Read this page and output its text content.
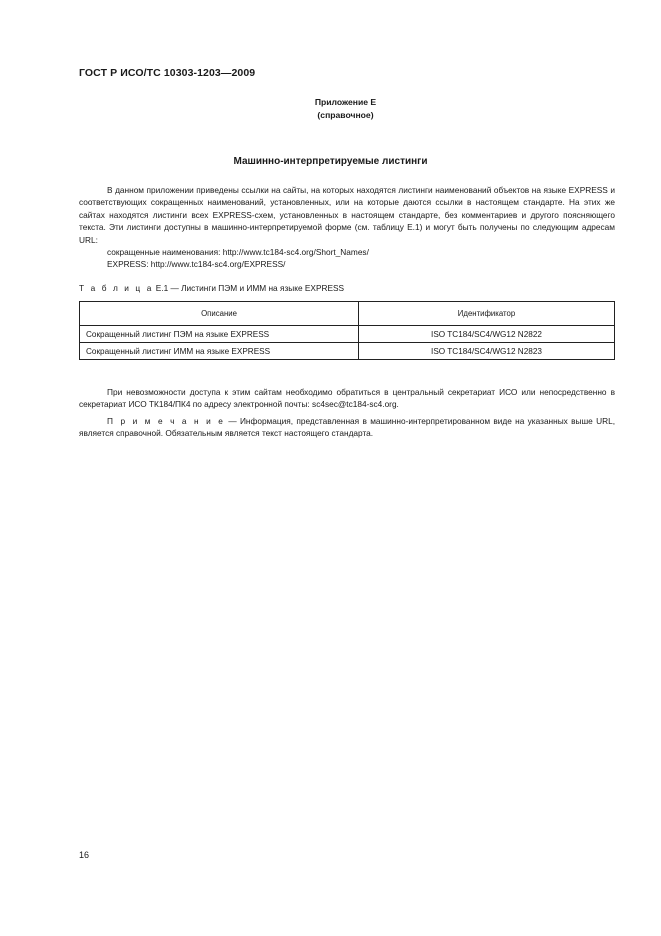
ГОСТ Р ИСО/ТС 10303-1203—2009
Приложение Е
(справочное)
Машинно-интерпретируемые листинги

В данном приложении приведены ссылки на сайты, на которых находятся листинги наименований объектов на языке EXPRESS и соответствующих сокращенных наименований, установленных, или на которые даются ссылки в настоящем стандарте. На этих же сайтах находятся листинги всех EXPRESS-схем, установленных в настоящем стандарте, без комментариев и другого поясняющего текста. Эти листинги доступны в машинно-интерпретируемой форме (см. таблицу Е.1) и могут быть получены по следующим адресам URL:

сокращенные наименования: http://www.tc184-sc4.org/Short_Names/
EXPRESS: http://www.tc184-sc4.org/EXPRESS/
Т а б л и ц а Е.1 — Листинги ПЭМ и ИММ на языке EXPRESS
Описание	Идентификатор
Сокращенный листинг ПЭМ на языке EXPRESS	ISO TC184/SC4/WG12 N2822
Сокращенный листинг ИММ на языке EXPRESS	ISO TC184/SC4/WG12 N2823

При невозможности доступа к этим сайтам необходимо обратиться в центральный секретариат ИСО или непосредственно в секретариат ИСО ТК184/ПК4 по адресу электронной почты: sc4sec@tc184-sc4.org.

П р и м е ч а н и е — Информация, представленная в машинно-интерпретированном виде на указанных выше URL, является справочной. Обязательным является текст настоящего стандарта.

16
